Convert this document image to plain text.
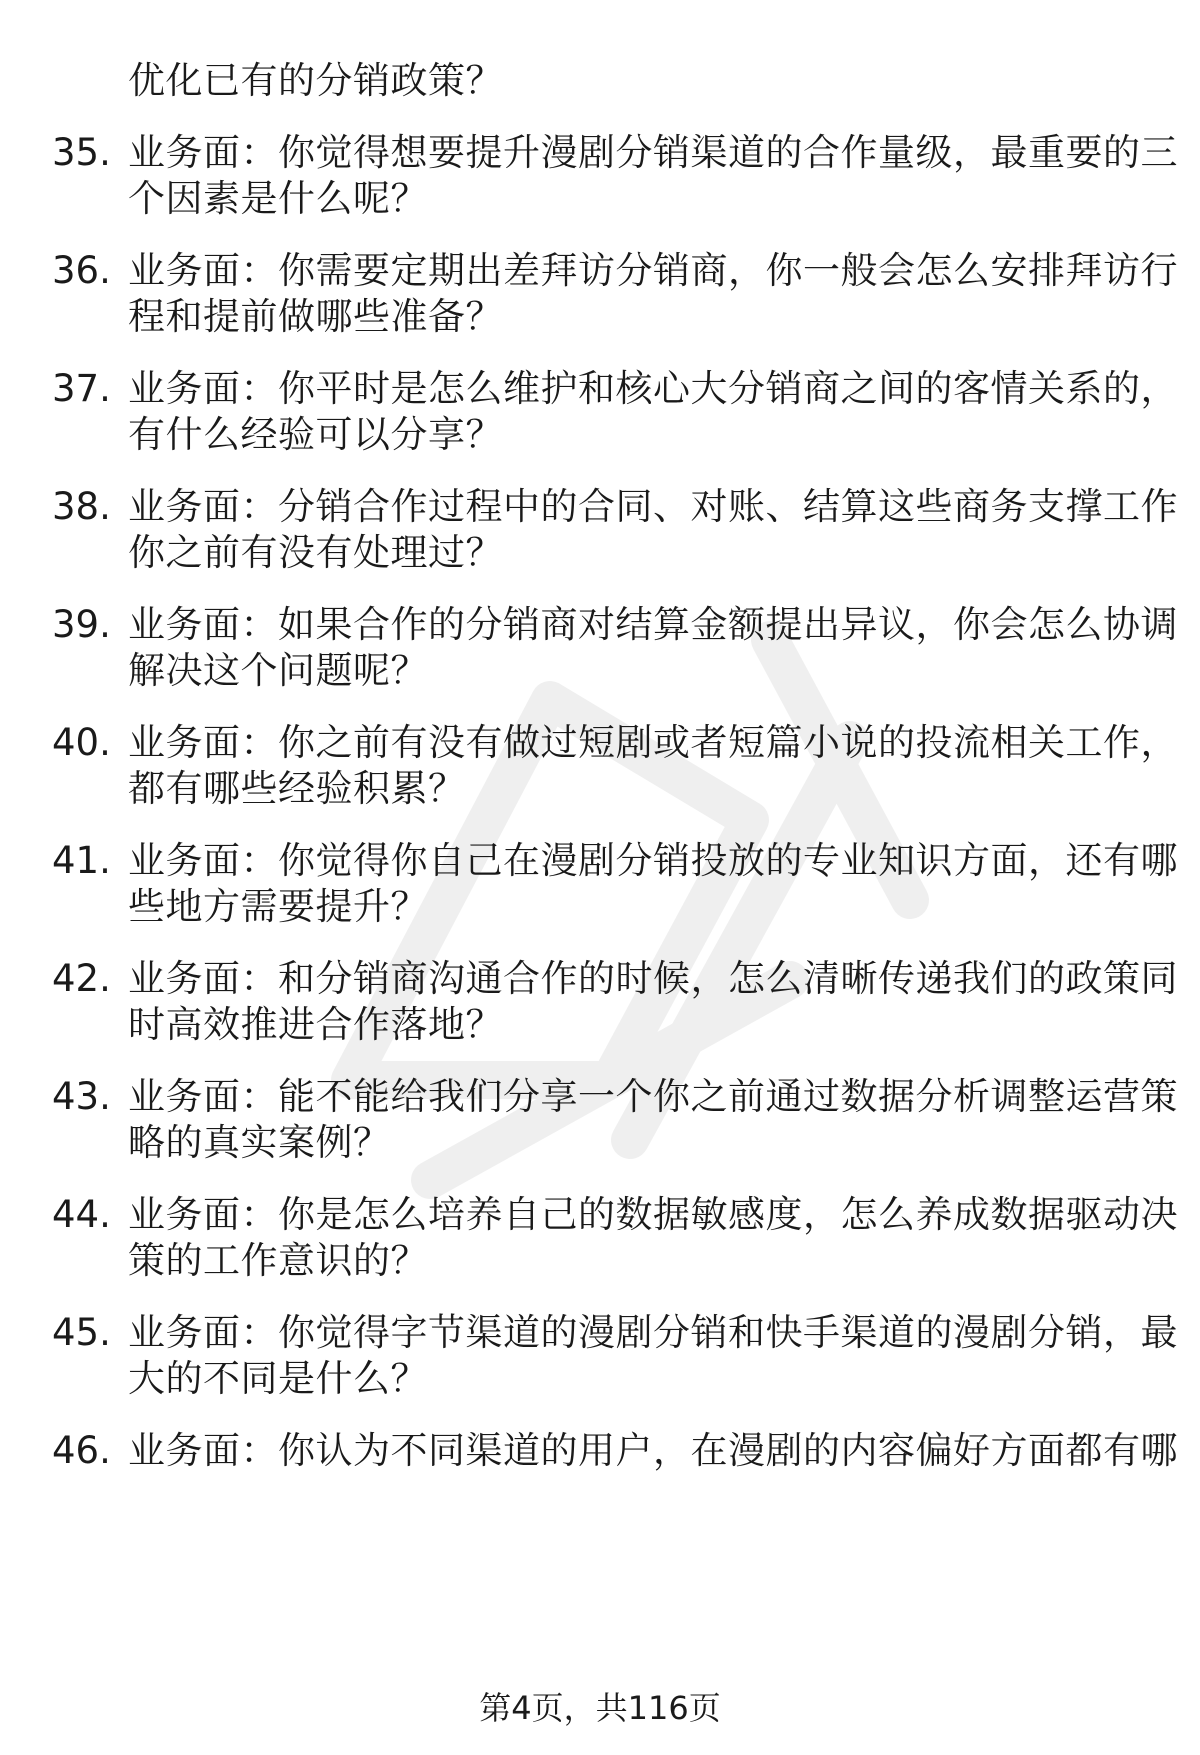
优化已有的分销政策？
35. 业务面：你觉得想要提升漫剧分销渠道的合作量级，最重要的三
个因素是什么呢？
36. 业务面：你需要定期出差拜访分销商，你一般会怎么安排拜访行
程和提前做哪些准备？
37. 业务面：你平时是怎么维护和核心大分销商之间的客情关系的，
有什么经验可以分享？
38. 业务面：分销合作过程中的合同、对账、结算这些商务支撑工作
你之前有没有处理过？
39. 业务面：如果合作的分销商对结算金额提出异议，你会怎么协调
解决这个问题呢？
40. 业务面：你之前有没有做过短剧或者短篇小说的投流相关工作，
都有哪些经验积累？
41. 业务面：你觉得你自己在漫剧分销投放的专业知识方面，还有哪
些地方需要提升？
42. 业务面：和分销商沟通合作的时候，怎么清晰传递我们的政策同
时高效推进合作落地？
43. 业务面：能不能给我们分享一个你之前通过数据分析调整运营策
略的真实案例？
44. 业务面：你是怎么培养自己的数据敏感度，怎么养成数据驱动决
策的工作意识的？
45. 业务面：你觉得字节渠道的漫剧分销和快手渠道的漫剧分销，最
大的不同是什么？
46. 业务面：你认为不同渠道的用户，在漫剧的内容偏好方面都有哪
第4页，共116页
